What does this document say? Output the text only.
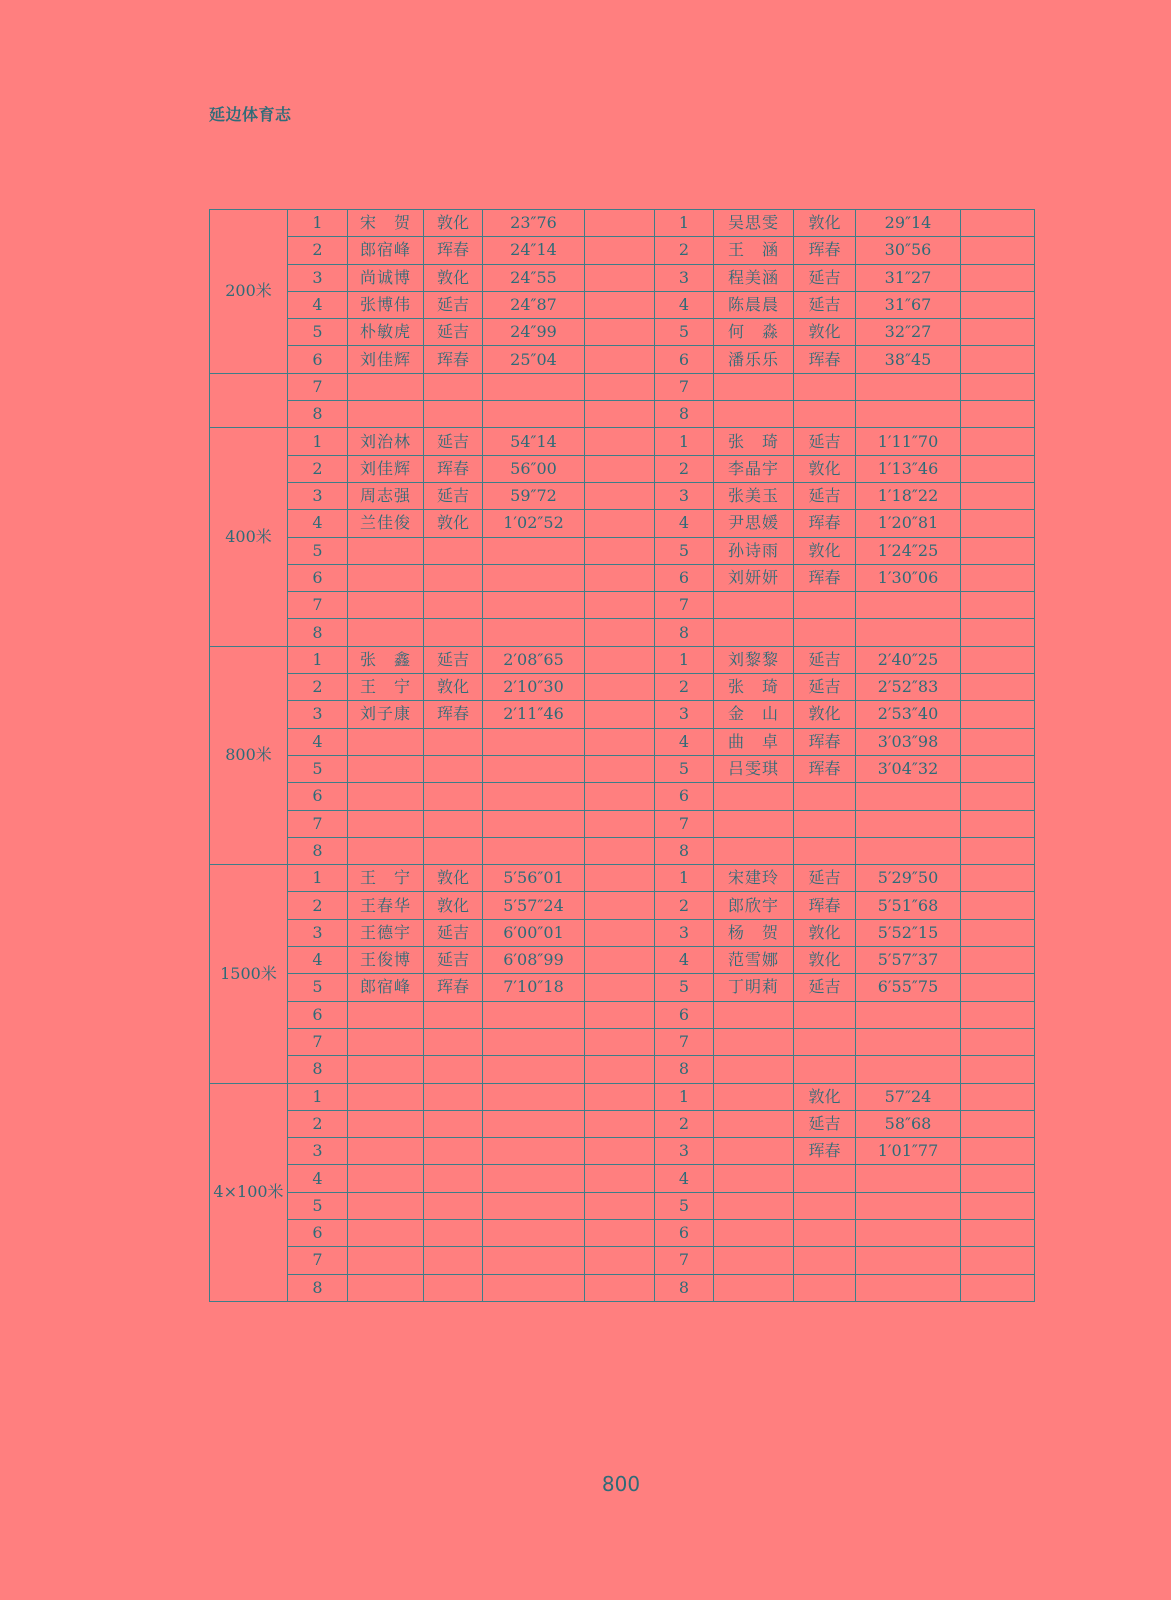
延边体育志
200米	1	宋　贺	敦化	23″76		1	吴思雯	敦化	29″14	
	2	郎宿峰	珲春	24″14		2	王　涵	珲春	30″56	
	3	尚诚博	敦化	24″55		3	程美涵	延吉	31″27	
	4	张博伟	延吉	24″87		4	陈晨晨	延吉	31″67	
	5	朴敏虎	延吉	24″99		5	何　淼	敦化	32″27	
	6	刘佳辉	珲春	25″04		6	潘乐乐	珲春	38″45	
	7					7				
	8					8				
400米	1	刘治林	延吉	54″14		1	张　琦	延吉	1′11″70	
	2	刘佳辉	珲春	56″00		2	李晶宇	敦化	1′13″46	
	3	周志强	延吉	59″72		3	张美玉	延吉	1′18″22	
	4	兰佳俊	敦化	1′02″52		4	尹思媛	珲春	1′20″81	
	5					5	孙诗雨	敦化	1′24″25	
	6					6	刘妍妍	珲春	1′30″06	
	7					7				
	8					8				
800米	1	张　鑫	延吉	2′08″65		1	刘黎黎	延吉	2′40″25	
	2	王　宁	敦化	2′10″30		2	张　琦	延吉	2′52″83	
	3	刘子康	珲春	2′11″46		3	金　山	敦化	2′53″40	
	4					4	曲　卓	珲春	3′03″98	
	5					5	吕雯琪	珲春	3′04″32	
	6					6				
	7					7				
	8					8				
1500米	1	王　宁	敦化	5′56″01		1	宋建玲	延吉	5′29″50	
	2	王春华	敦化	5′57″24		2	郎欣宇	珲春	5′51″68	
	3	王德宇	延吉	6′00″01		3	杨　贺	敦化	5′52″15	
	4	王俊博	延吉	6′08″99		4	范雪娜	敦化	5′57″37	
	5	郎宿峰	珲春	7′10″18		5	丁明莉	延吉	6′55″75	
	6					6				
	7					7				
	8					8				
4×100米	1					1		敦化	57″24	
	2					2		延吉	58″68	
	3					3		珲春	1′01″77	
	4					4				
	5					5				
	6					6				
	7					7				
	8					8				
800
